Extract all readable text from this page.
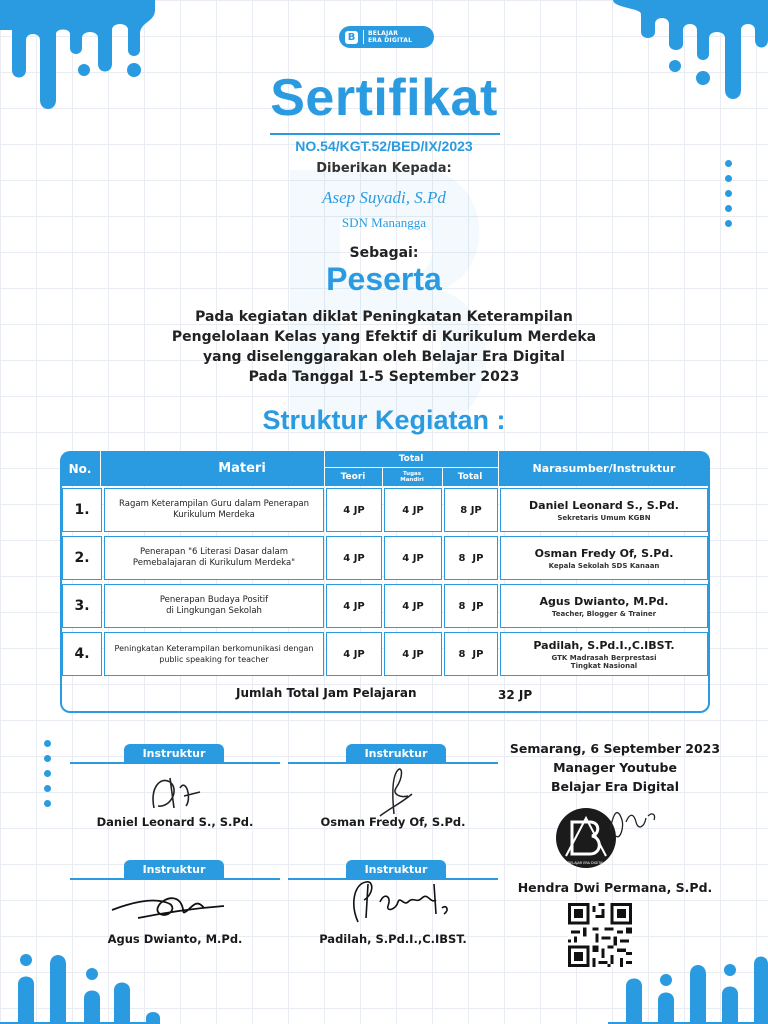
B	BELAJAR
ERA DIGITAL
Sertifikat
NO.54/KGT.52/BED/IX/2023
Diberikan Kepada:
Asep Suyadi, S.Pd
SDN Manangga
Sebagai:
Peserta
Pada kegiatan diklat Peningkatan Keterampilan
Pengelolaan Kelas yang Efektif di Kurikulum Merdeka
yang diselenggarakan oleh Belajar Era Digital
Pada Tanggal 1-5 September 2023
Struktur Kegiatan :
No.	Materi
Total
Teori	Tugas Mandiri	Total
Narasumber/Instruktur
1.	Ragam Keterampilan Guru dalam Penerapan Kurikulum Merdeka	4 JP	4 JP	8 JP	Daniel Leonard S., S.Pd.
Sekretaris Umum KGBN
2.	Penerapan "6 Literasi Dasar dalam Pemebalajaran di Kurikulum Merdeka"	4 JP	4 JP	8  JP	Osman Fredy Of, S.Pd.
Kepala Sekolah SDS Kanaan
3.	Penerapan Budaya Positif di Lingkungan Sekolah	4 JP	4 JP	8  JP	Agus Dwianto, M.Pd.
Teacher, Blogger & Trainer
4.	Peningkatan Keterampilan berkomunikasi dengan public speaking for teacher	4 JP	4 JP	8  JP
Padilah, S.Pd.I.,C.IBST.
GTK Madrasah Berprestasi Tingkat Nasional
Jumlah Total Jam Pelajaran	32 JP
Instruktur
Daniel Leonard S., S.Pd.
Instruktur
Osman Fredy Of, S.Pd.
Instruktur
Agus Dwianto, M.Pd.
Instruktur
Padilah, S.Pd.I.,C.IBST.
Semarang, 6 September 2023
Manager Youtube
Belajar Era Digital
BELAJAR ERA DIGITAL
Hendra Dwi Permana, S.Pd.
